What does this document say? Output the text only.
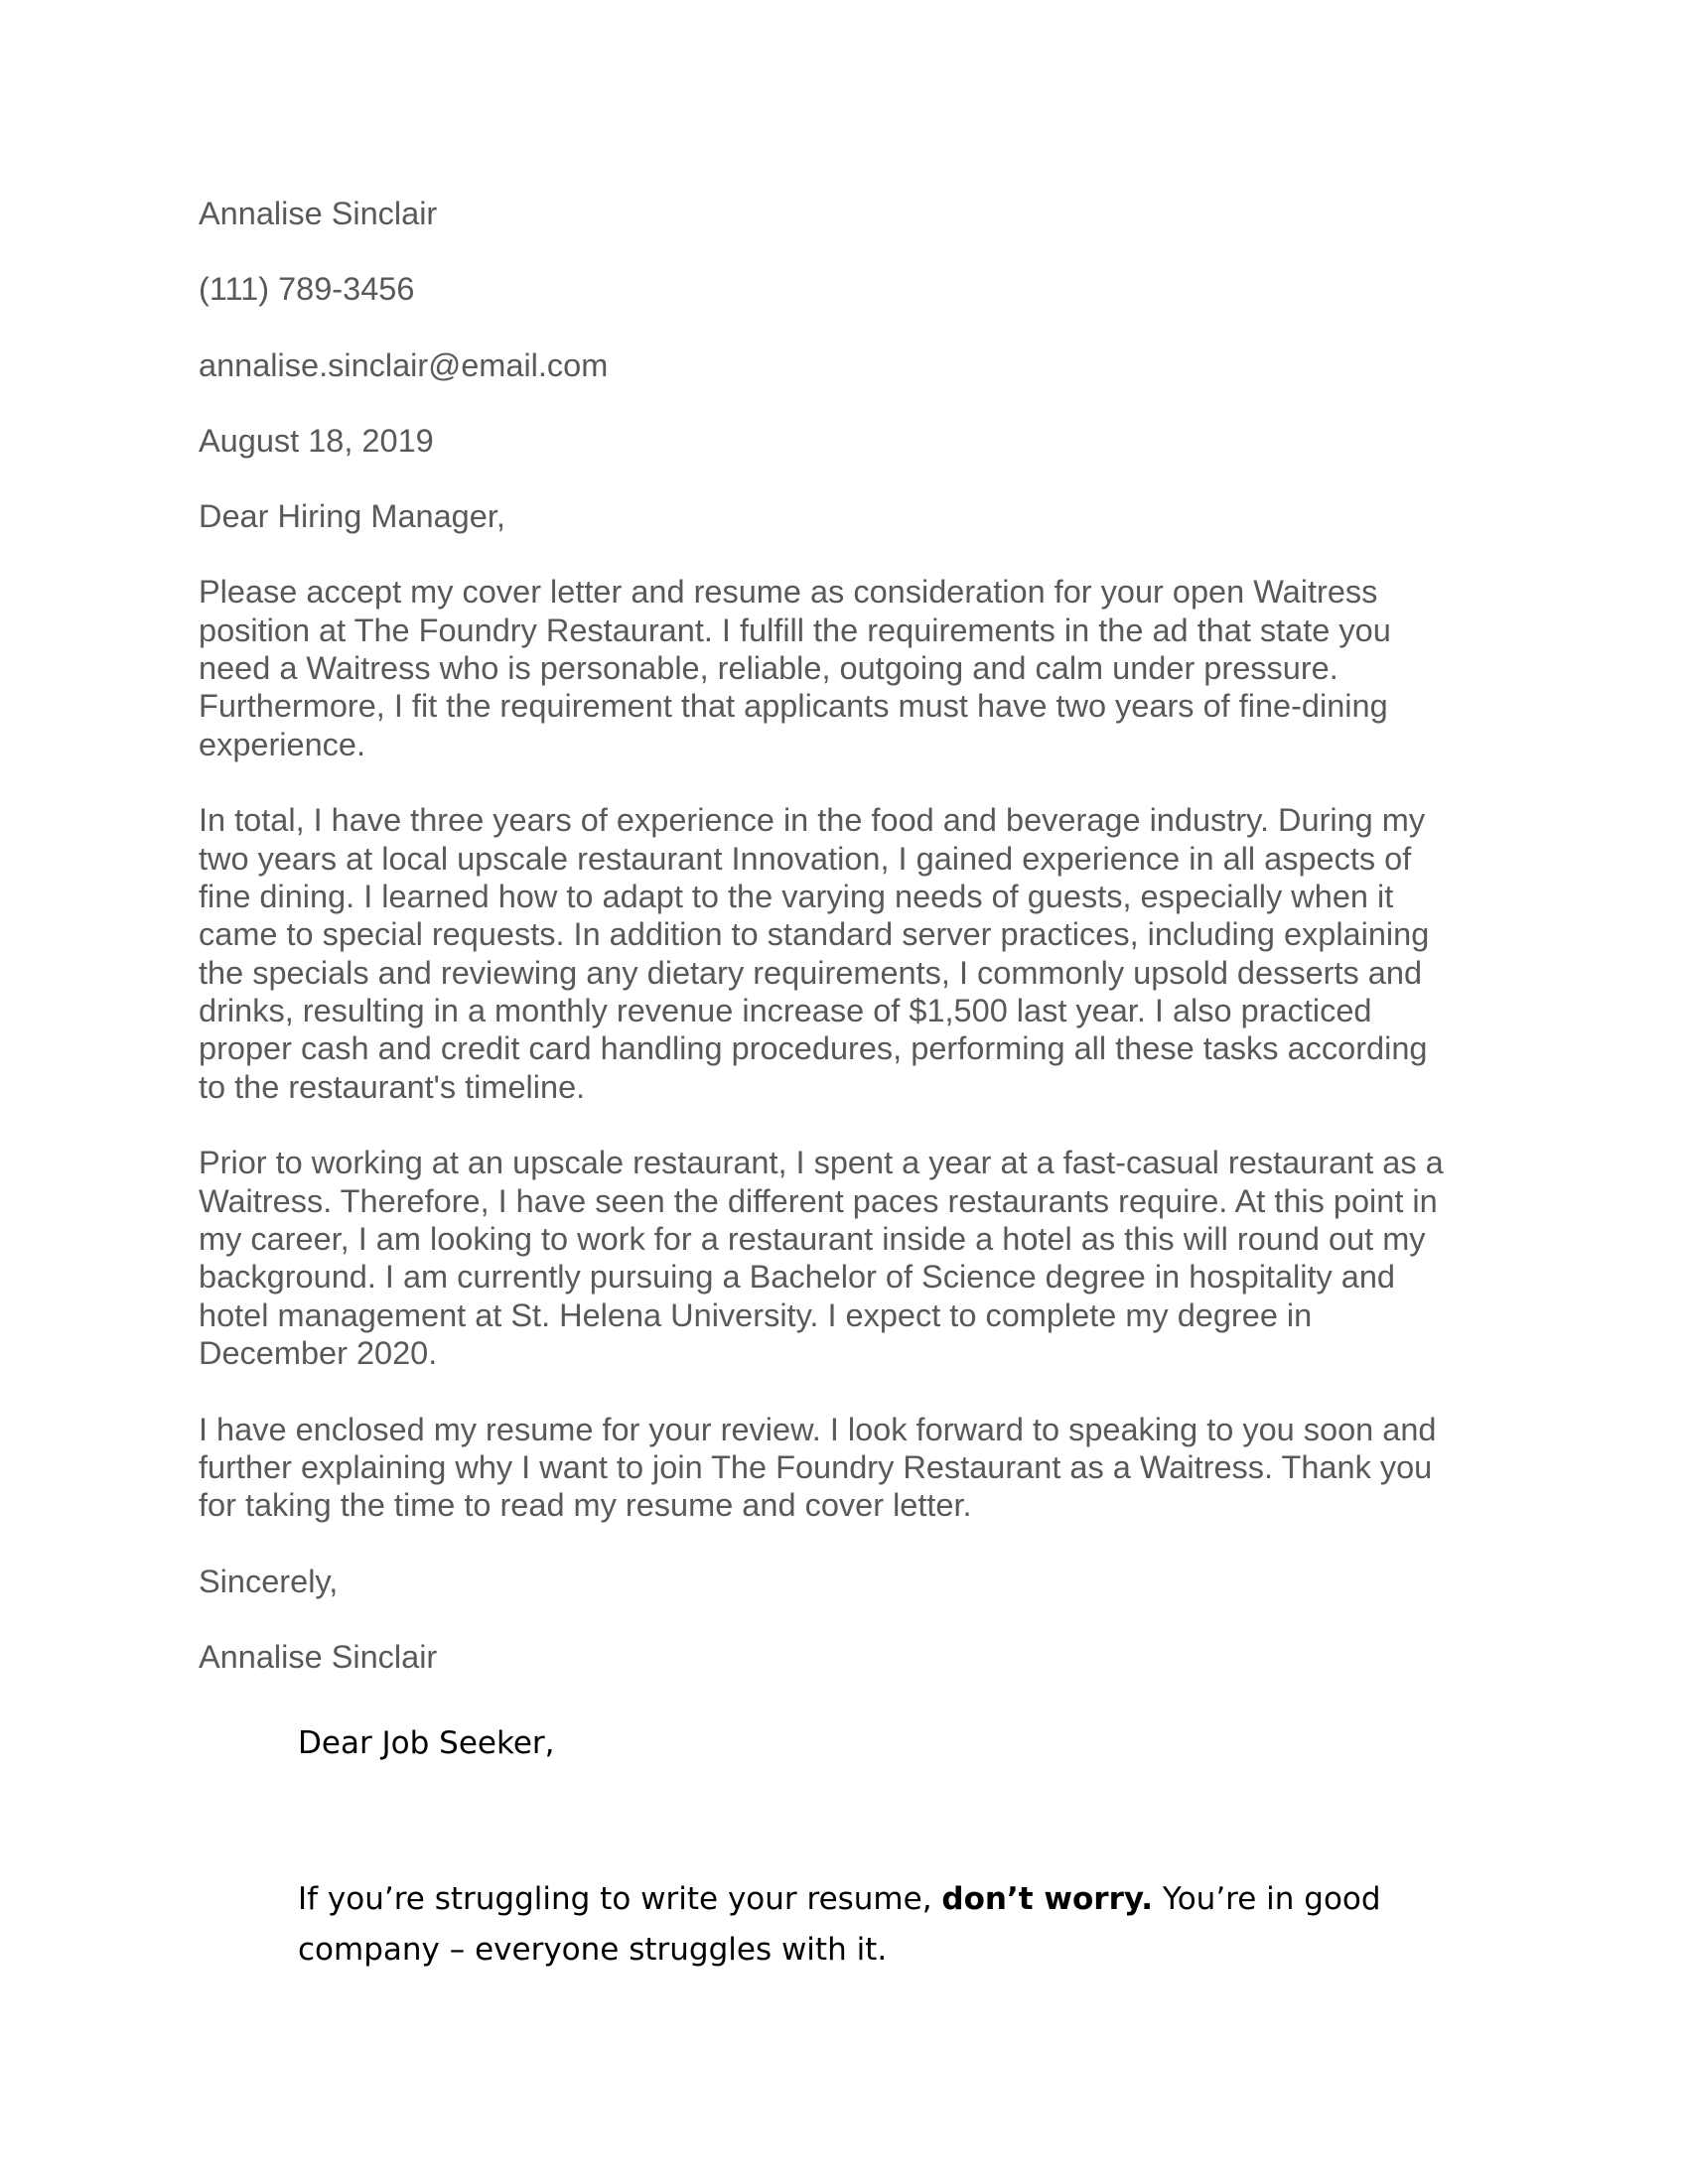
Annalise Sinclair
(111) 789-3456
annalise.sinclair@email.com
August 18, 2019
Dear Hiring Manager,
Please accept my cover letter and resume as consideration for your open Waitress
position at The Foundry Restaurant. I fulfill the requirements in the ad that state you
need a Waitress who is personable, reliable, outgoing and calm under pressure.
Furthermore, I fit the requirement that applicants must have two years of fine-dining
experience.
In total, I have three years of experience in the food and beverage industry. During my
two years at local upscale restaurant Innovation, I gained experience in all aspects of
fine dining. I learned how to adapt to the varying needs of guests, especially when it
came to special requests. In addition to standard server practices, including explaining
the specials and reviewing any dietary requirements, I commonly upsold desserts and
drinks, resulting in a monthly revenue increase of $1,500 last year. I also practiced
proper cash and credit card handling procedures, performing all these tasks according
to the restaurant's timeline.
Prior to working at an upscale restaurant, I spent a year at a fast-casual restaurant as a
Waitress. Therefore, I have seen the different paces restaurants require. At this point in
my career, I am looking to work for a restaurant inside a hotel as this will round out my
background. I am currently pursuing a Bachelor of Science degree in hospitality and
hotel management at St. Helena University. I expect to complete my degree in
December 2020.
I have enclosed my resume for your review. I look forward to speaking to you soon and
further explaining why I want to join The Foundry Restaurant as a Waitress. Thank you
for taking the time to read my resume and cover letter.
Sincerely,
Annalise Sinclair
Dear Job Seeker,
If you’re struggling to write your resume, don’t worry. You’re in good
company – everyone struggles with it.
